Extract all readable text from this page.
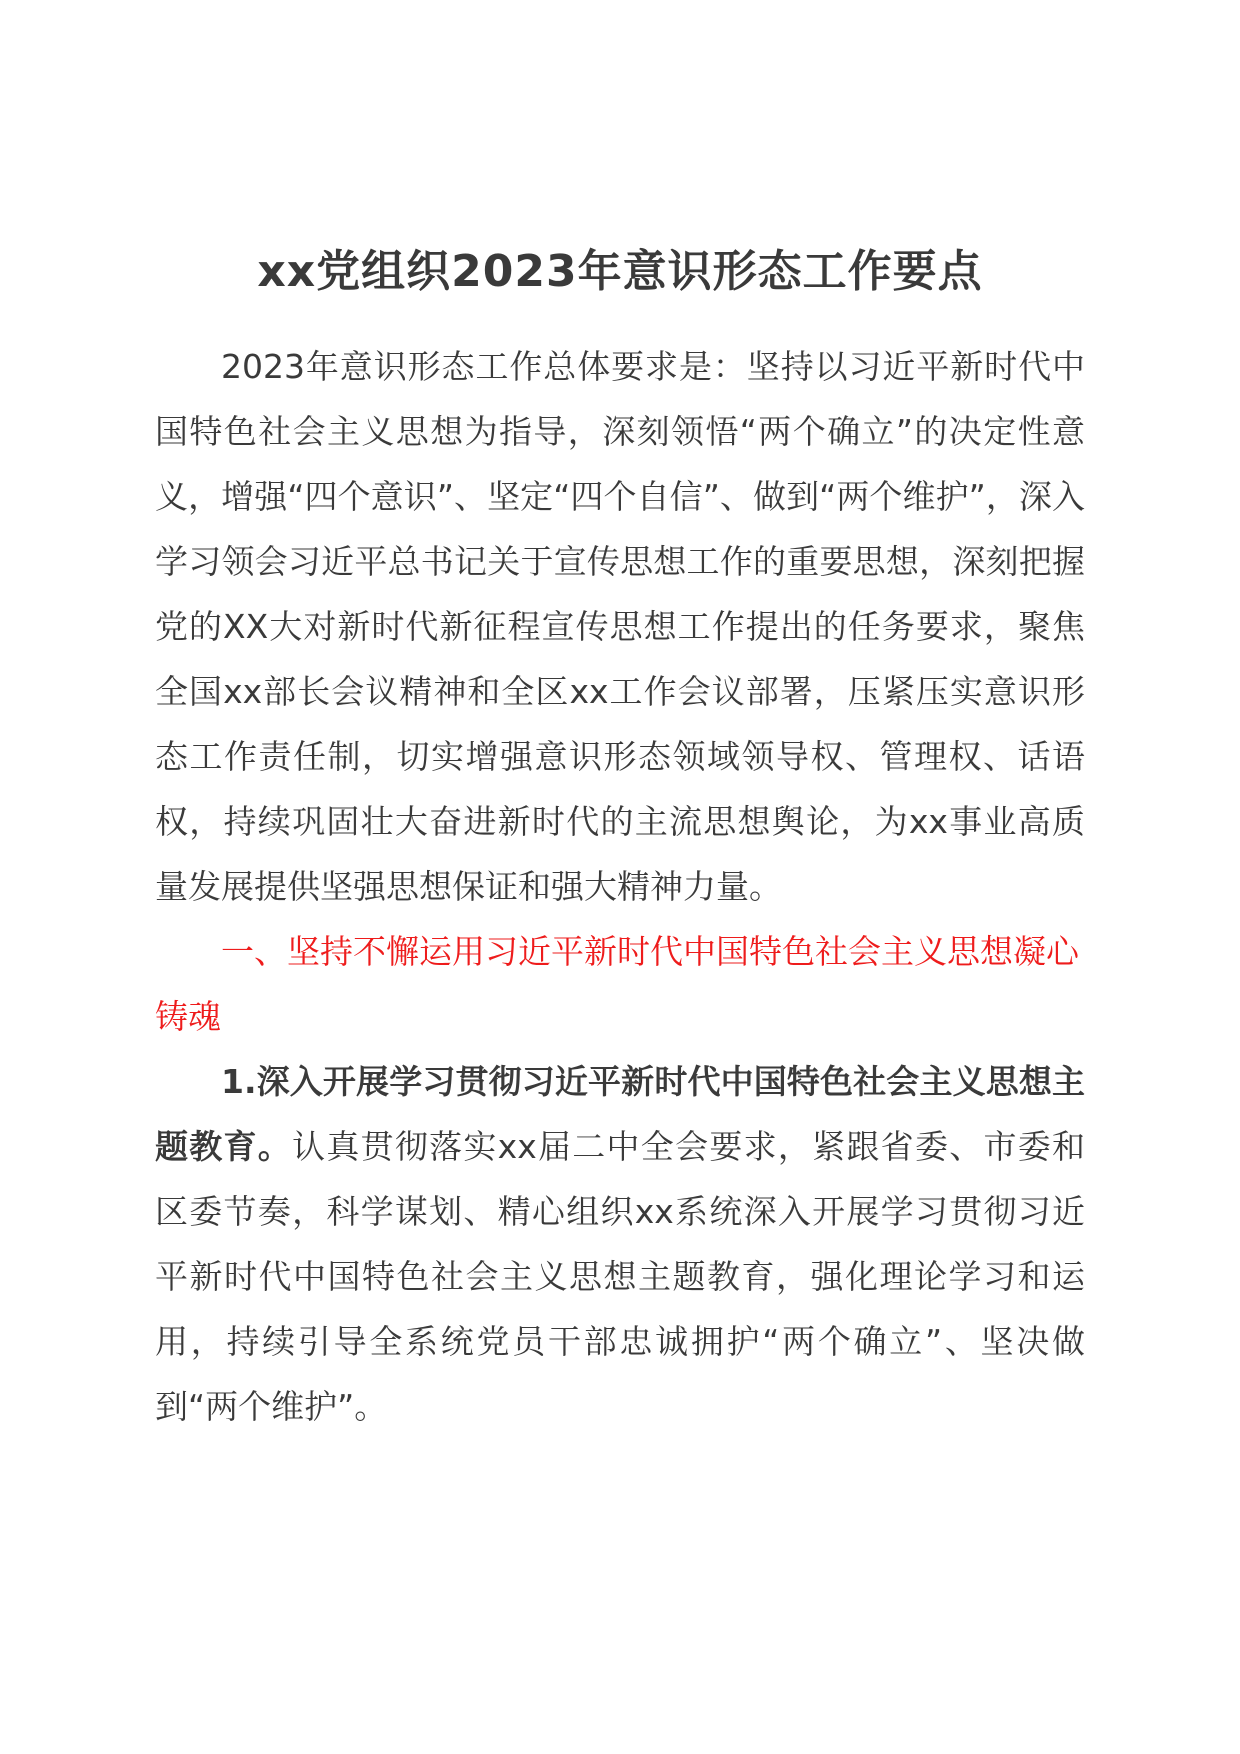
xx党组织2023年意识形态工作要点

2023年意识形态工作总体要求是：坚持以习近平新时代中国特色社会主义思想为指导，深刻领悟“两个确立”的决定性意义，增强“四个意识”、坚定“四个自信”、做到“两个维护”，深入学习领会习近平总书记关于宣传思想工作的重要思想，深刻把握党的XX大对新时代新征程宣传思想工作提出的任务要求，聚焦全国xx部长会议精神和全区xx工作会议部署，压紧压实意识形态工作责任制，切实增强意识形态领域领导权、管理权、话语权，持续巩固壮大奋进新时代的主流思想舆论，为xx事业高质量发展提供坚强思想保证和强大精神力量。

一、坚持不懈运用习近平新时代中国特色社会主义思想凝心铸魂

1.深入开展学习贯彻习近平新时代中国特色社会主义思想主题教育。认真贯彻落实xx届二中全会要求，紧跟省委、市委和区委节奏，科学谋划、精心组织xx系统深入开展学习贯彻习近平新时代中国特色社会主义思想主题教育，强化理论学习和运用，持续引导全系统党员干部忠诚拥护“两个确立”、坚决做到“两个维护”。
